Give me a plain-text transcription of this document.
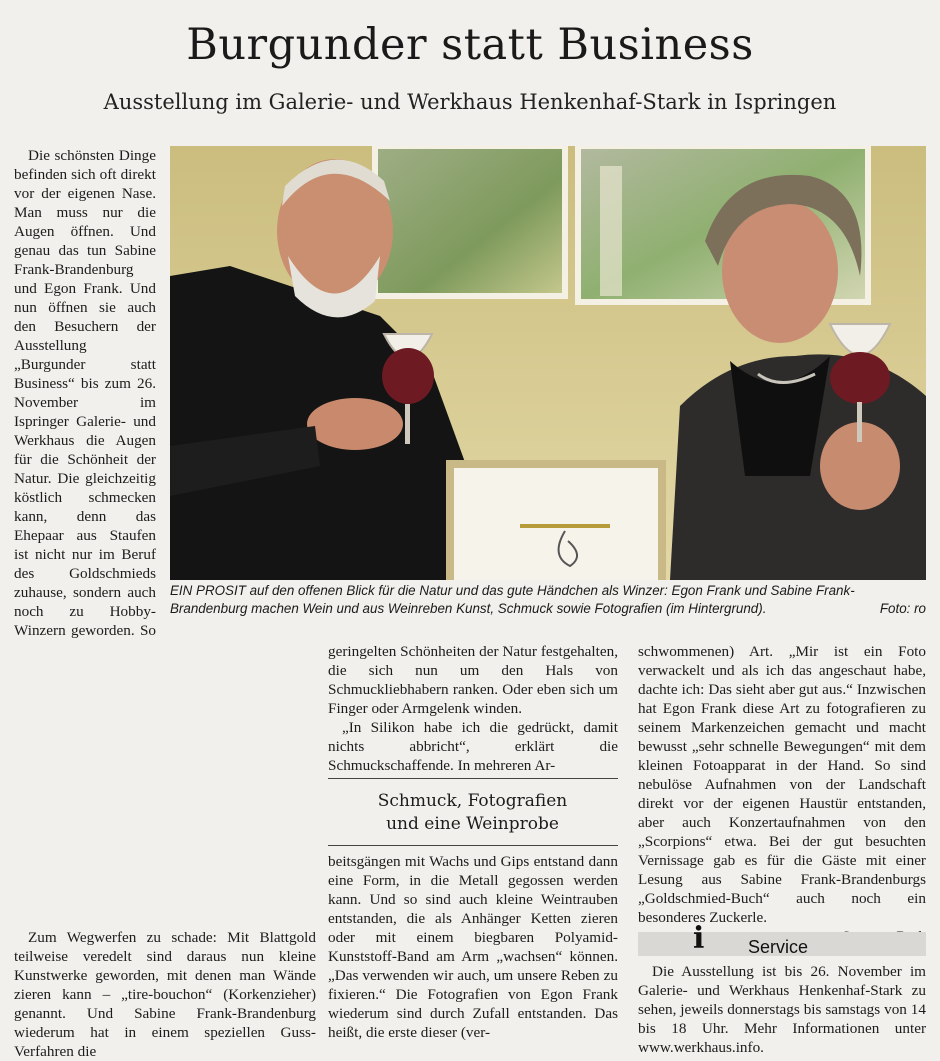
Burgunder statt Business
Ausstellung im Galerie- und Werkhaus Henkenhaf-Stark in Ispringen

Die schönsten Dinge befinden sich oft direkt vor der eigenen Nase. Man muss nur die Augen öffnen. Und genau das tun Sabine Frank-Brandenburg und Egon Frank. Und nun öffnen sie auch den Besuchern der Ausstellung „Burgunder statt Business“ bis zum 26. November im Ispringer Galerie- und Werkhaus die Augen für die Schönheit der Natur. Die gleichzeitig köstlich schmecken kann, denn das Ehepaar aus Staufen ist nicht nur im Beruf des Goldschmieds zuhause, sondern auch noch zu Hobby-Winzern geworden. So

Zum Wegwerfen zu schade: Mit Blattgold teilweise veredelt sind daraus nun kleine Kunstwerke geworden, mit denen man Wände zieren kann – „tire-bouchon“ (Korkenzieher) genannt. Und Sabine Frank-Brandenburg wiederum hat in einem speziellen Guss-Verfahren die

EIN PROSIT auf den offenen Blick für die Natur und das gute Händchen als Winzer: Egon Frank und Sabine Frank-Brandenburg machen Wein und aus Weinreben Kunst, Schmuck sowie Fotografien (im Hintergrund).	Foto: ro

geringelten Schönheiten der Natur festgehalten, die sich nun um den Hals von Schmuckliebhabern ranken. Oder eben sich um Finger oder Armgelenk winden.

„In Silikon habe ich die gedrückt, damit nichts abbricht“, erklärt die Schmuckschaffende. In mehreren Ar-

Schmuck, Fotografien
und eine Weinprobe

beitsgängen mit Wachs und Gips entstand dann eine Form, in die Metall gegossen werden kann. Und so sind auch kleine Weintrauben entstanden, die als Anhänger Ketten zieren oder mit einem biegbaren Polyamid-Kunststoff-Band am Arm „wachsen“ können. „Das verwenden wir auch, um unsere Reben zu fixieren.“ Die Fotografien von Egon Frank wiederum sind durch Zufall entstanden. Das heißt, die erste dieser (ver-

schwommenen) Art. „Mir ist ein Foto verwackelt und als ich das angeschaut habe, dachte ich: Das sieht aber gut aus.“ Inzwischen hat Egon Frank diese Art zu fotografieren zu seinem Markenzeichen gemacht und macht bewusst „sehr schnelle Bewegungen“ mit dem kleinen Fotoapparat in der Hand. So sind nebulöse Aufnahmen von der Landschaft direkt vor der eigenen Haustür entstanden, aber auch Konzertaufnahmen von den „Scorpions“ etwa. Bei der gut besuchten Vernissage gab es für die Gäste mit einer Lesung aus Sabine Frank-Brandenburgs „Goldschmied-Buch“ auch noch ein besonderes Zuckerle.

i Service

Die Ausstellung ist bis 26. November im Galerie- und Werkhaus Henkenhaf-Stark zu sehen, jeweils donnerstags bis samstags von 14 bis 18 Uhr. Mehr Informationen unter www.werkhaus.info.
